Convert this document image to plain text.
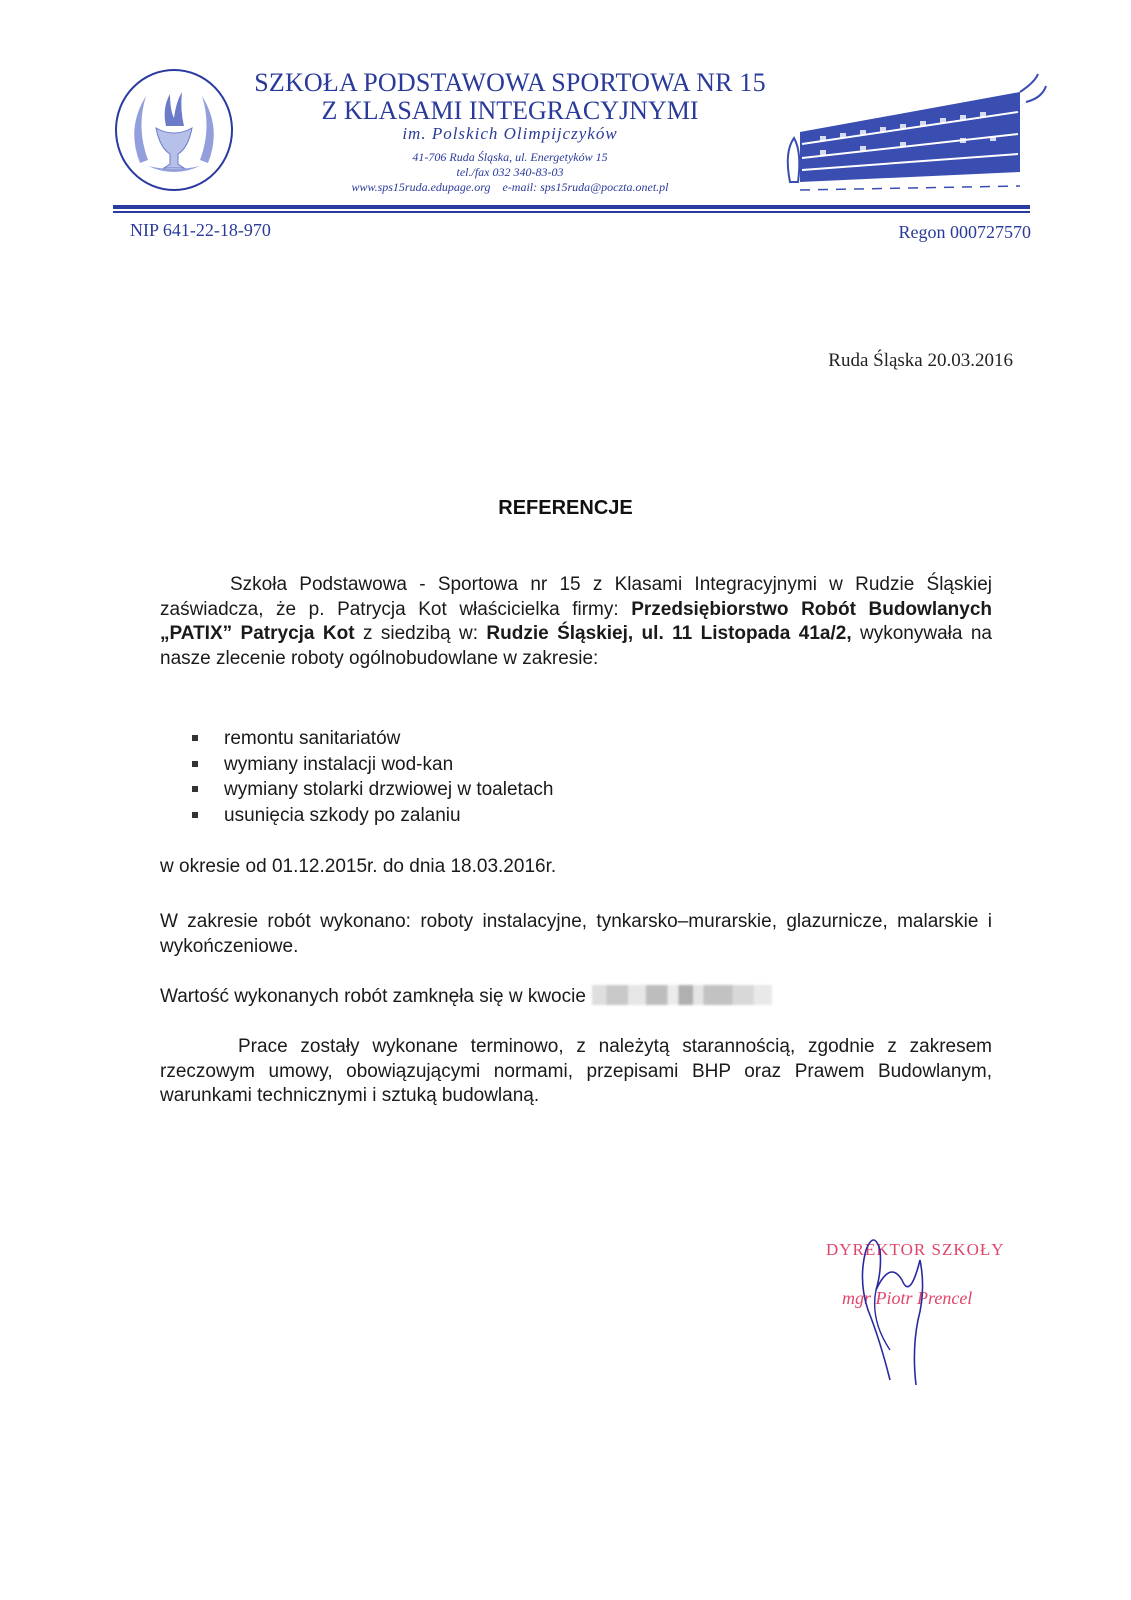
SZKOŁA PODSTAWOWA SPORTOWA NR 15
Z KLASAMI INTEGRACYJNYMI
im. Polskich Olimpijczyków
41-706 Ruda Śląska, ul. Energetyków 15
tel./fax 032 340-83-03
www.sps15ruda.edupage.org    e-mail: sps15ruda@poczta.onet.pl
NIP 641-22-18-970	Regon 000727570
Ruda Śląska 20.03.2016
REFERENCJE
Szkoła Podstawowa - Sportowa nr 15 z Klasami Integracyjnymi w Rudzie Śląskiej zaświadcza, że p. Patrycja Kot właścicielka firmy: Przedsiębiorstwo Robót Budowlanych „PATIX” Patrycja Kot z siedzibą w: Rudzie Śląskiej, ul. 11 Listopada 41a/2, wykonywała na nasze zlecenie roboty ogólnobudowlane w zakresie:
remontu sanitariatów
wymiany instalacji wod-kan
wymiany stolarki drzwiowej w toaletach
usunięcia szkody po zalaniu
w okresie od 01.12.2015r. do dnia 18.03.2016r.
W zakresie robót wykonano: roboty instalacyjne, tynkarsko–murarskie, glazurnicze, malarskie i wykończeniowe.
Wartość wykonanych robót zamknęła się w kwocie
Prace zostały wykonane terminowo, z należytą starannością, zgodnie z zakresem rzeczowym umowy, obowiązującymi normami, przepisami BHP oraz Prawem Budowlanym, warunkami technicznymi i sztuką budowlaną.
DYREKTOR SZKOŁY
mgr Piotr Prencel
